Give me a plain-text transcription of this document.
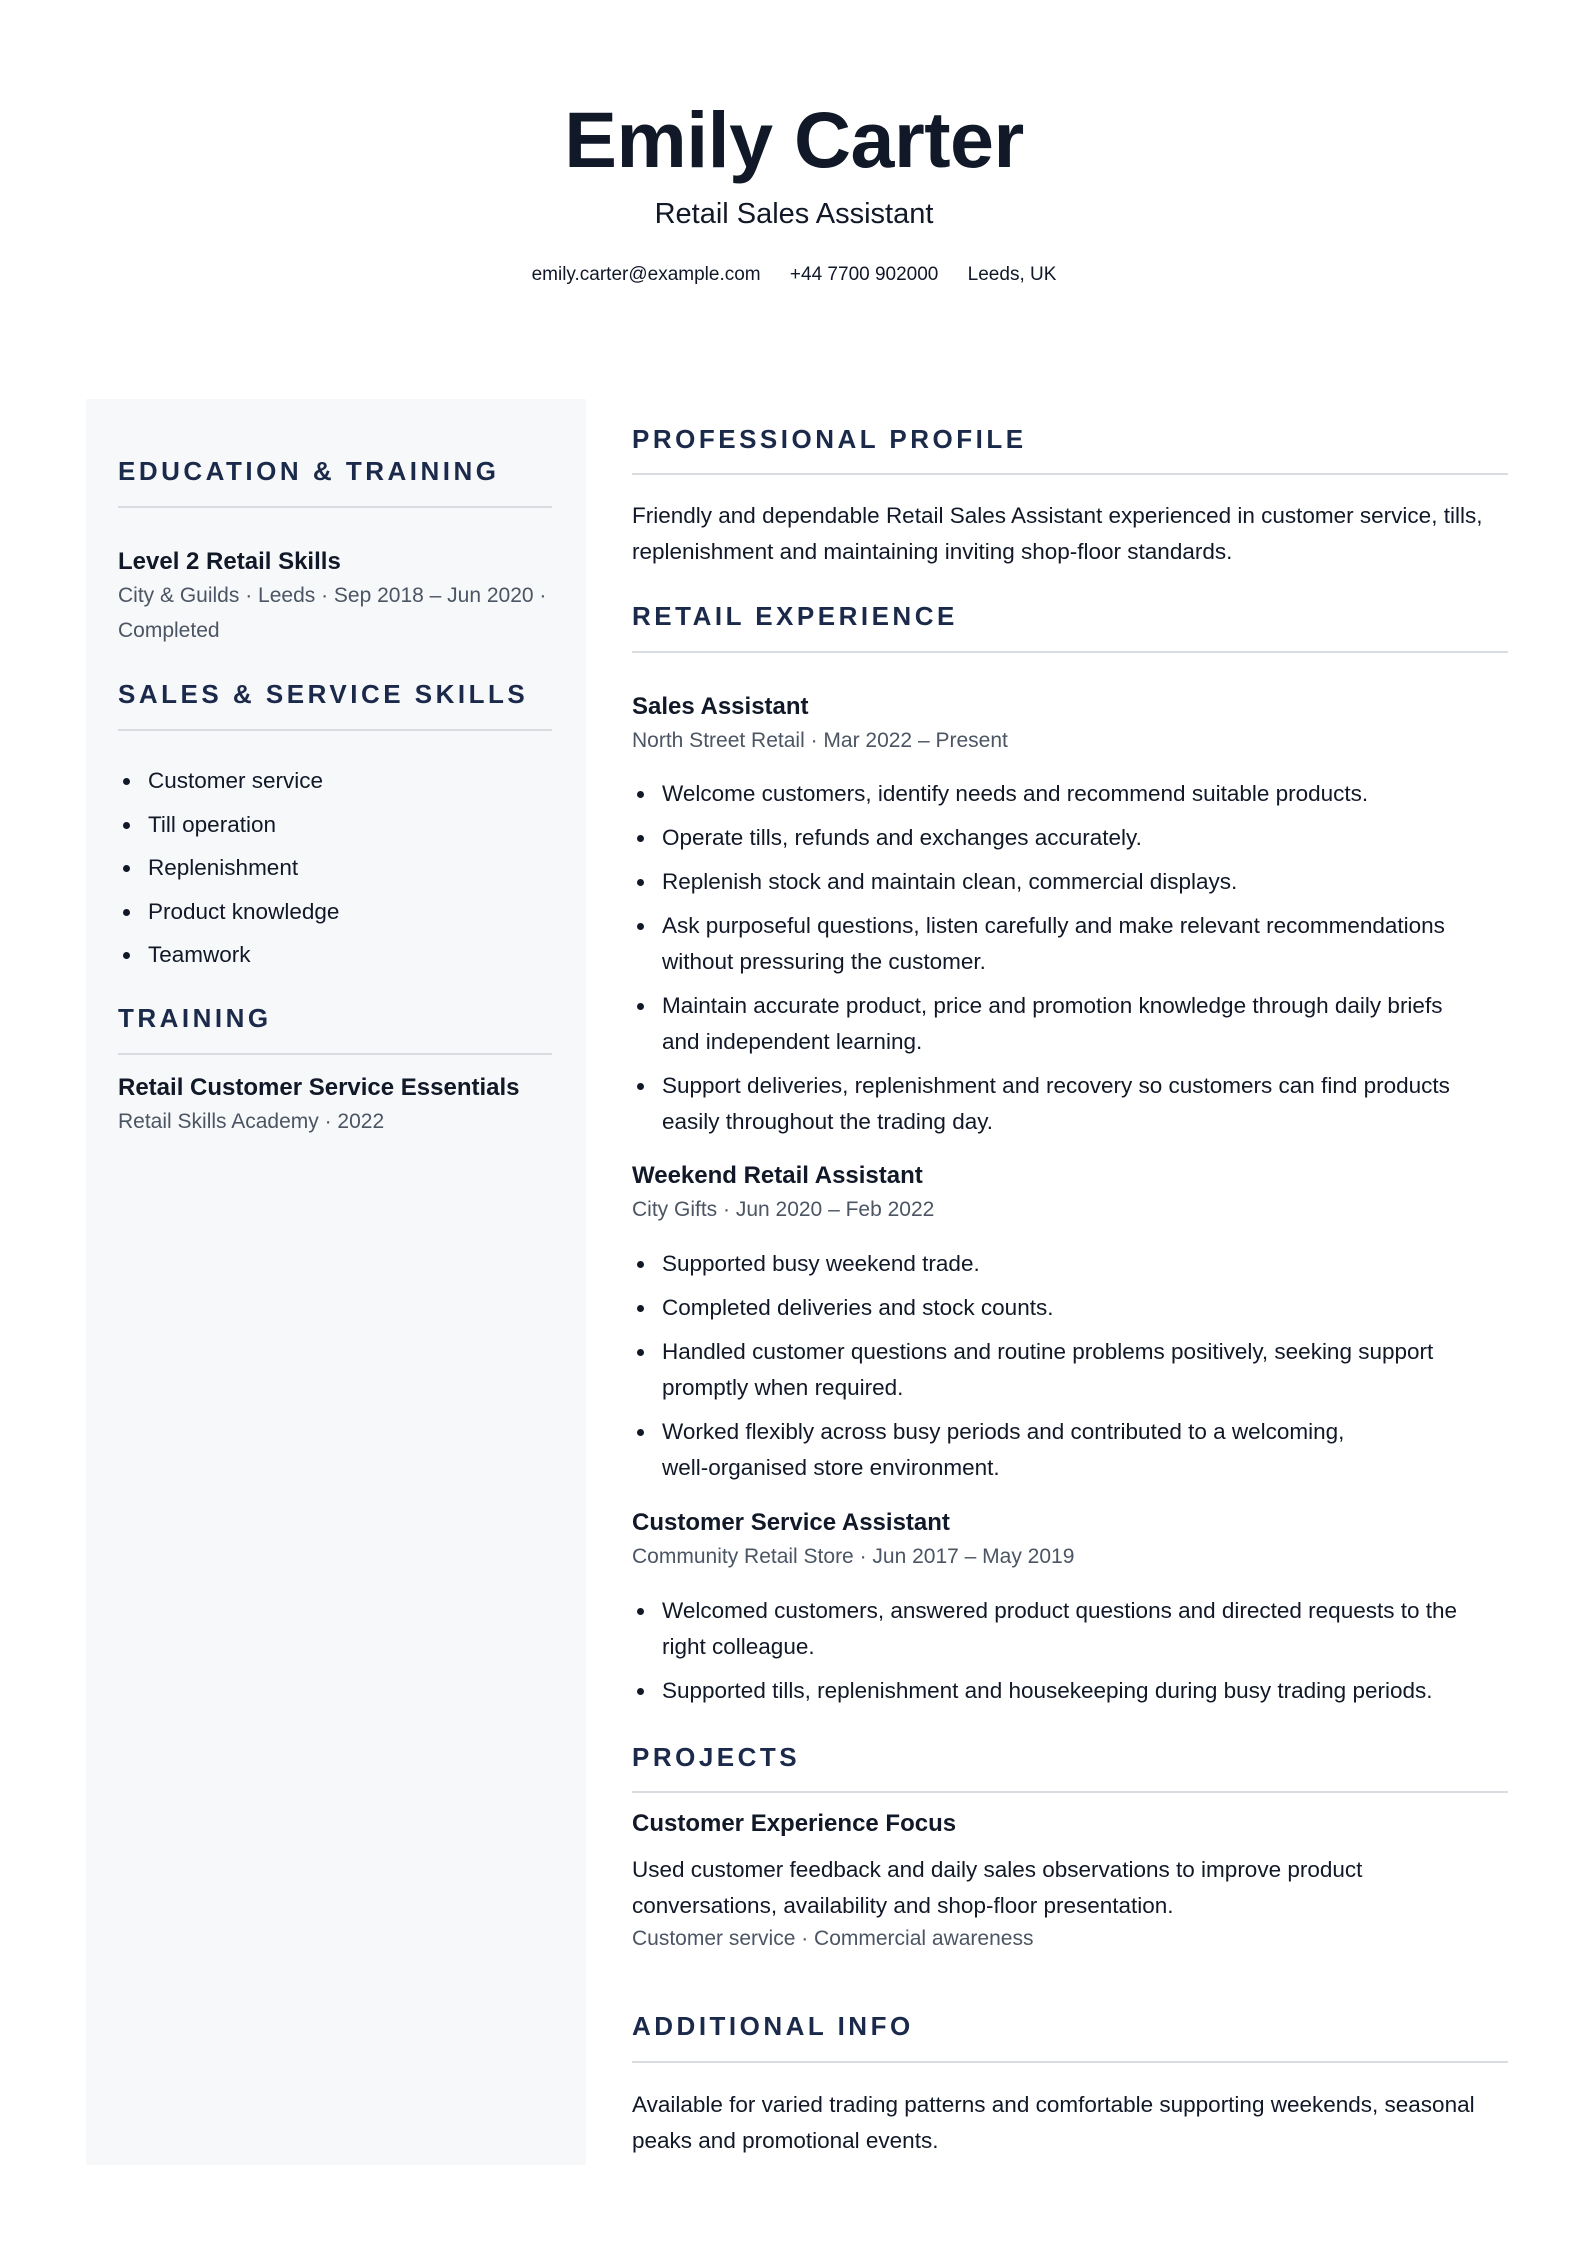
Emily Carter
Retail Sales Assistant
emily.carter@example.com +44 7700 902000 Leeds, UK
EDUCATION & TRAINING
Level 2 Retail Skills
City & Guilds · Leeds · Sep 2018 – Jun 2020 ·
Completed
SALES & SERVICE SKILLS
Customer service
Till operation
Replenishment
Product knowledge
Teamwork
TRAINING
Retail Customer Service Essentials
Retail Skills Academy · 2022
PROFESSIONAL PROFILE
Friendly and dependable Retail Sales Assistant experienced in customer service, tills,
replenishment and maintaining inviting shop-floor standards.
RETAIL EXPERIENCE
Sales Assistant
North Street Retail · Mar 2022 – Present
Welcome customers, identify needs and recommend suitable products.
Operate tills, refunds and exchanges accurately.
Replenish stock and maintain clean, commercial displays.
Ask purposeful questions, listen carefully and make relevant recommendations
without pressuring the customer.
Maintain accurate product, price and promotion knowledge through daily briefs
and independent learning.
Support deliveries, replenishment and recovery so customers can find products
easily throughout the trading day.
Weekend Retail Assistant
City Gifts · Jun 2020 – Feb 2022
Supported busy weekend trade.
Completed deliveries and stock counts.
Handled customer questions and routine problems positively, seeking support
promptly when required.
Worked flexibly across busy periods and contributed to a welcoming,
well-organised store environment.
Customer Service Assistant
Community Retail Store · Jun 2017 – May 2019
Welcomed customers, answered product questions and directed requests to the
right colleague.
Supported tills, replenishment and housekeeping during busy trading periods.
PROJECTS
Customer Experience Focus
Used customer feedback and daily sales observations to improve product
conversations, availability and shop-floor presentation.
Customer service · Commercial awareness
ADDITIONAL INFO
Available for varied trading patterns and comfortable supporting weekends, seasonal
peaks and promotional events.
